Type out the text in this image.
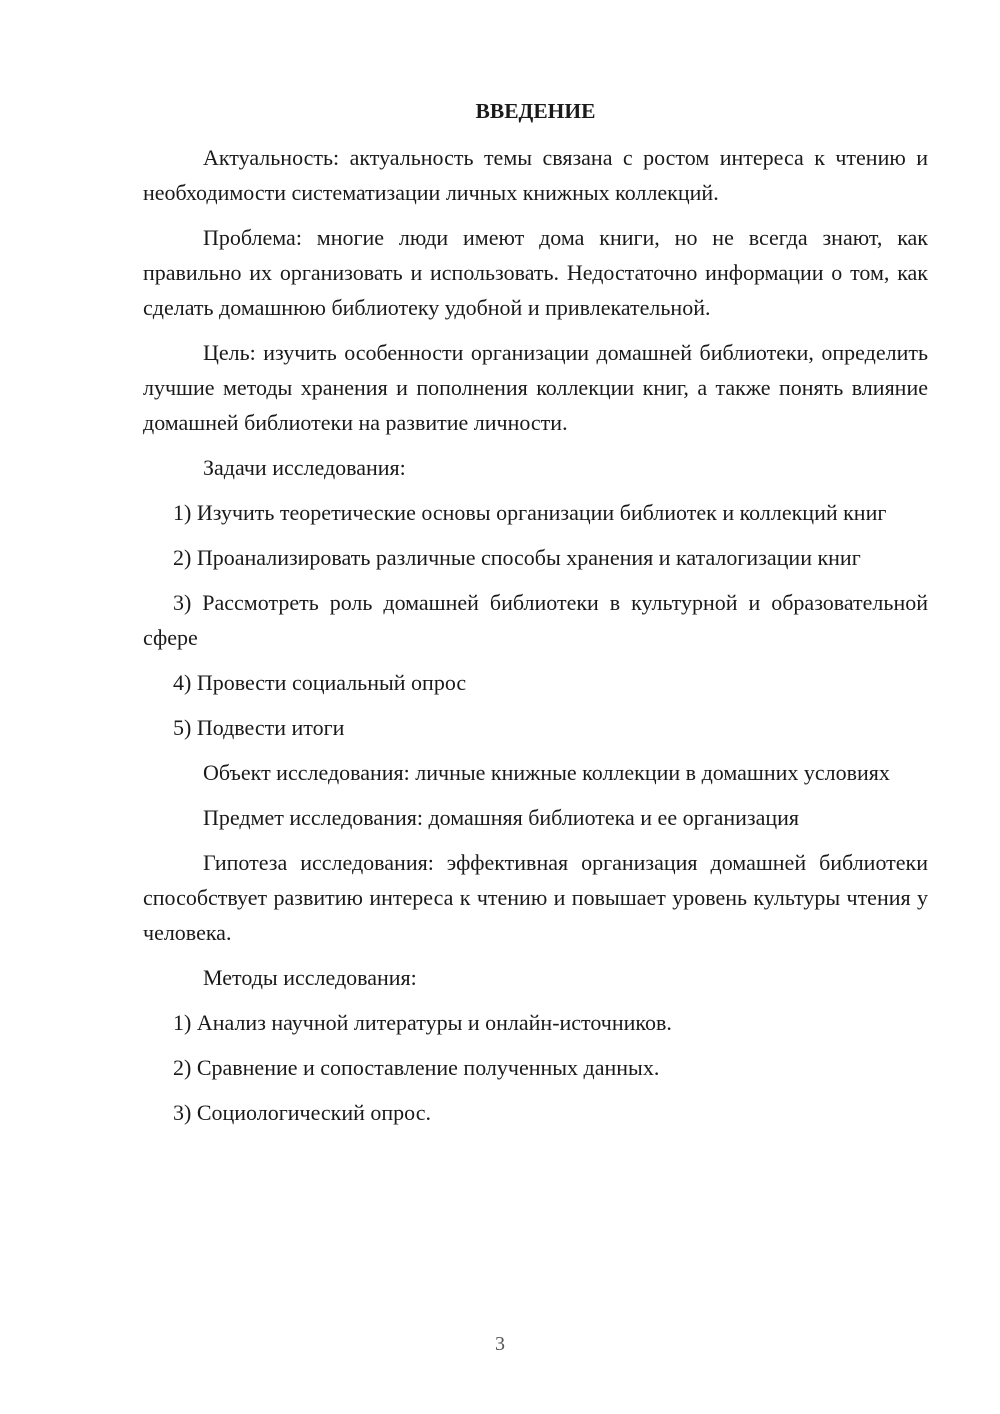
ВВЕДЕНИЕ

Актуальность: актуальность темы связана с ростом интереса к чтению и необходимости систематизации личных книжных коллекций.

Проблема: многие люди имеют дома книги, но не всегда знают, как правильно их организовать и использовать. Недостаточно информации о том, как сделать домашнюю библиотеку удобной и привлекательной.

Цель: изучить особенности организации домашней библиотеки, определить лучшие методы хранения и пополнения коллекции книг, а также понять влияние домашней библиотеки на развитие личности.

Задачи исследования:

1) Изучить теоретические основы организации библиотек и коллекций книг

2) Проанализировать различные способы хранения и каталогизации книг

3) Рассмотреть роль домашней библиотеки в культурной и образовательной сфере

4) Провести социальный опрос

5) Подвести итоги

Объект исследования: личные книжные коллекции в домашних условиях

Предмет исследования: домашняя библиотека и ее организация

Гипотеза исследования: эффективная организация домашней библиотеки способствует развитию интереса к чтению и повышает уровень культуры чтения у человека.

Методы исследования:

1) Анализ научной литературы и онлайн-источников.

2) Сравнение и сопоставление полученных данных.

3) Социологический опрос.

3
